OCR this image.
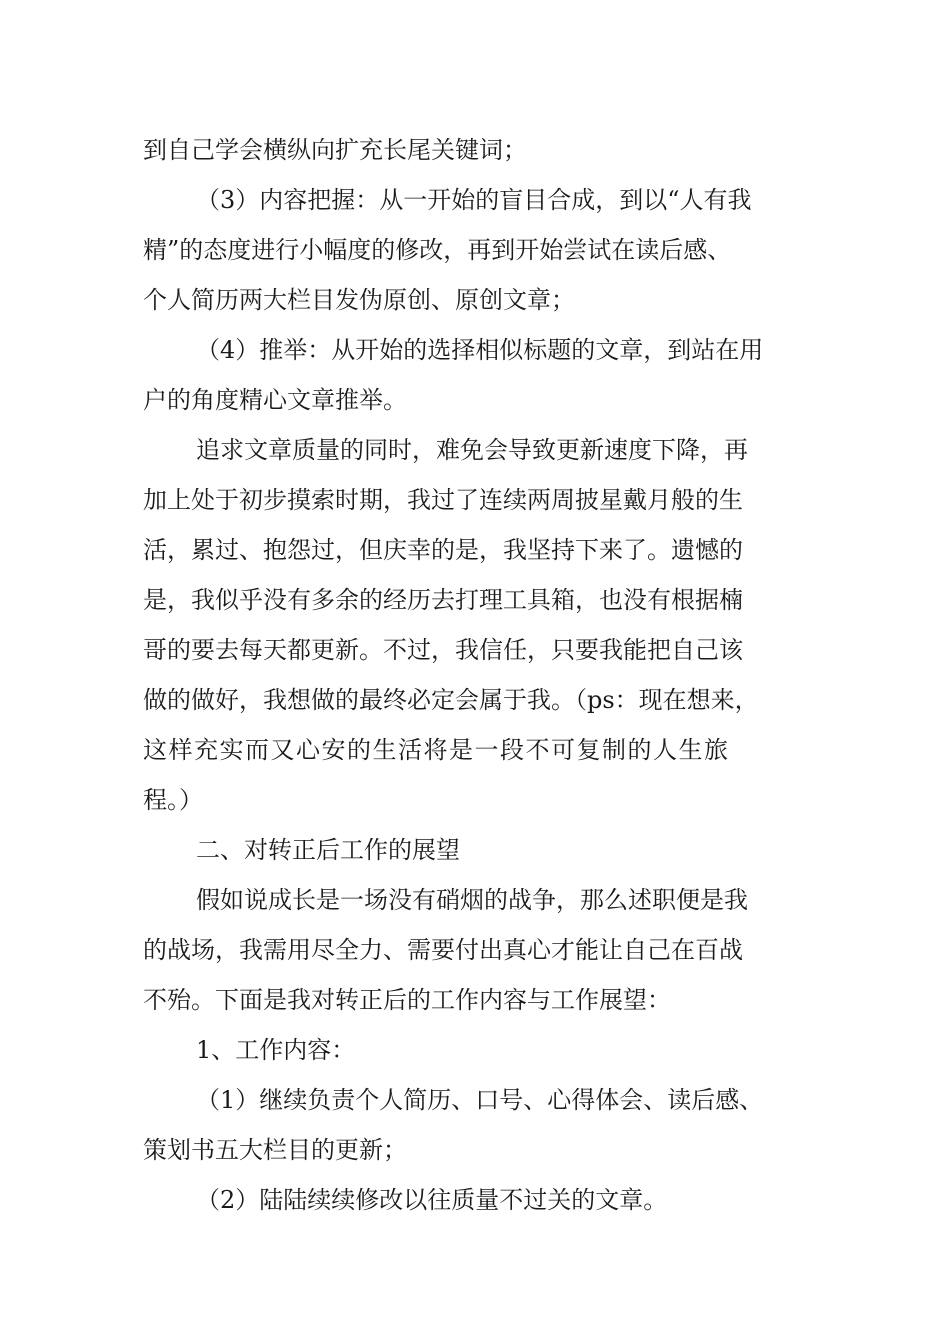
到自己学会横纵向扩充长尾关键词；
（3）内容把握：从一开始的盲目合成，到以“人有我
精”的态度进行小幅度的修改，再到开始尝试在读后感、
个人简历两大栏目发伪原创、原创文章；
（4）推举：从开始的选择相似标题的文章，到站在用
户的角度精心文章推举。
追求文章质量的同时，难免会导致更新速度下降，再
加上处于初步摸索时期，我过了连续两周披星戴月般的生
活，累过、抱怨过，但庆幸的是，我坚持下来了。遗憾的
是，我似乎没有多余的经历去打理工具箱，也没有根据楠
哥的要去每天都更新。不过，我信任，只要我能把自己该
做的做好，我想做的最终必定会属于我。（ps：现在想来，
这样充实而又心安的生活将是一段不可复制的人生旅
程。）
二、对转正后工作的展望
假如说成长是一场没有硝烟的战争，那么述职便是我
的战场，我需用尽全力、需要付出真心才能让自己在百战
不殆。下面是我对转正后的工作内容与工作展望：
1、工作内容：
（1）继续负责个人简历、口号、心得体会、读后感、
策划书五大栏目的更新；
（2）陆陆续续修改以往质量不过关的文章。
